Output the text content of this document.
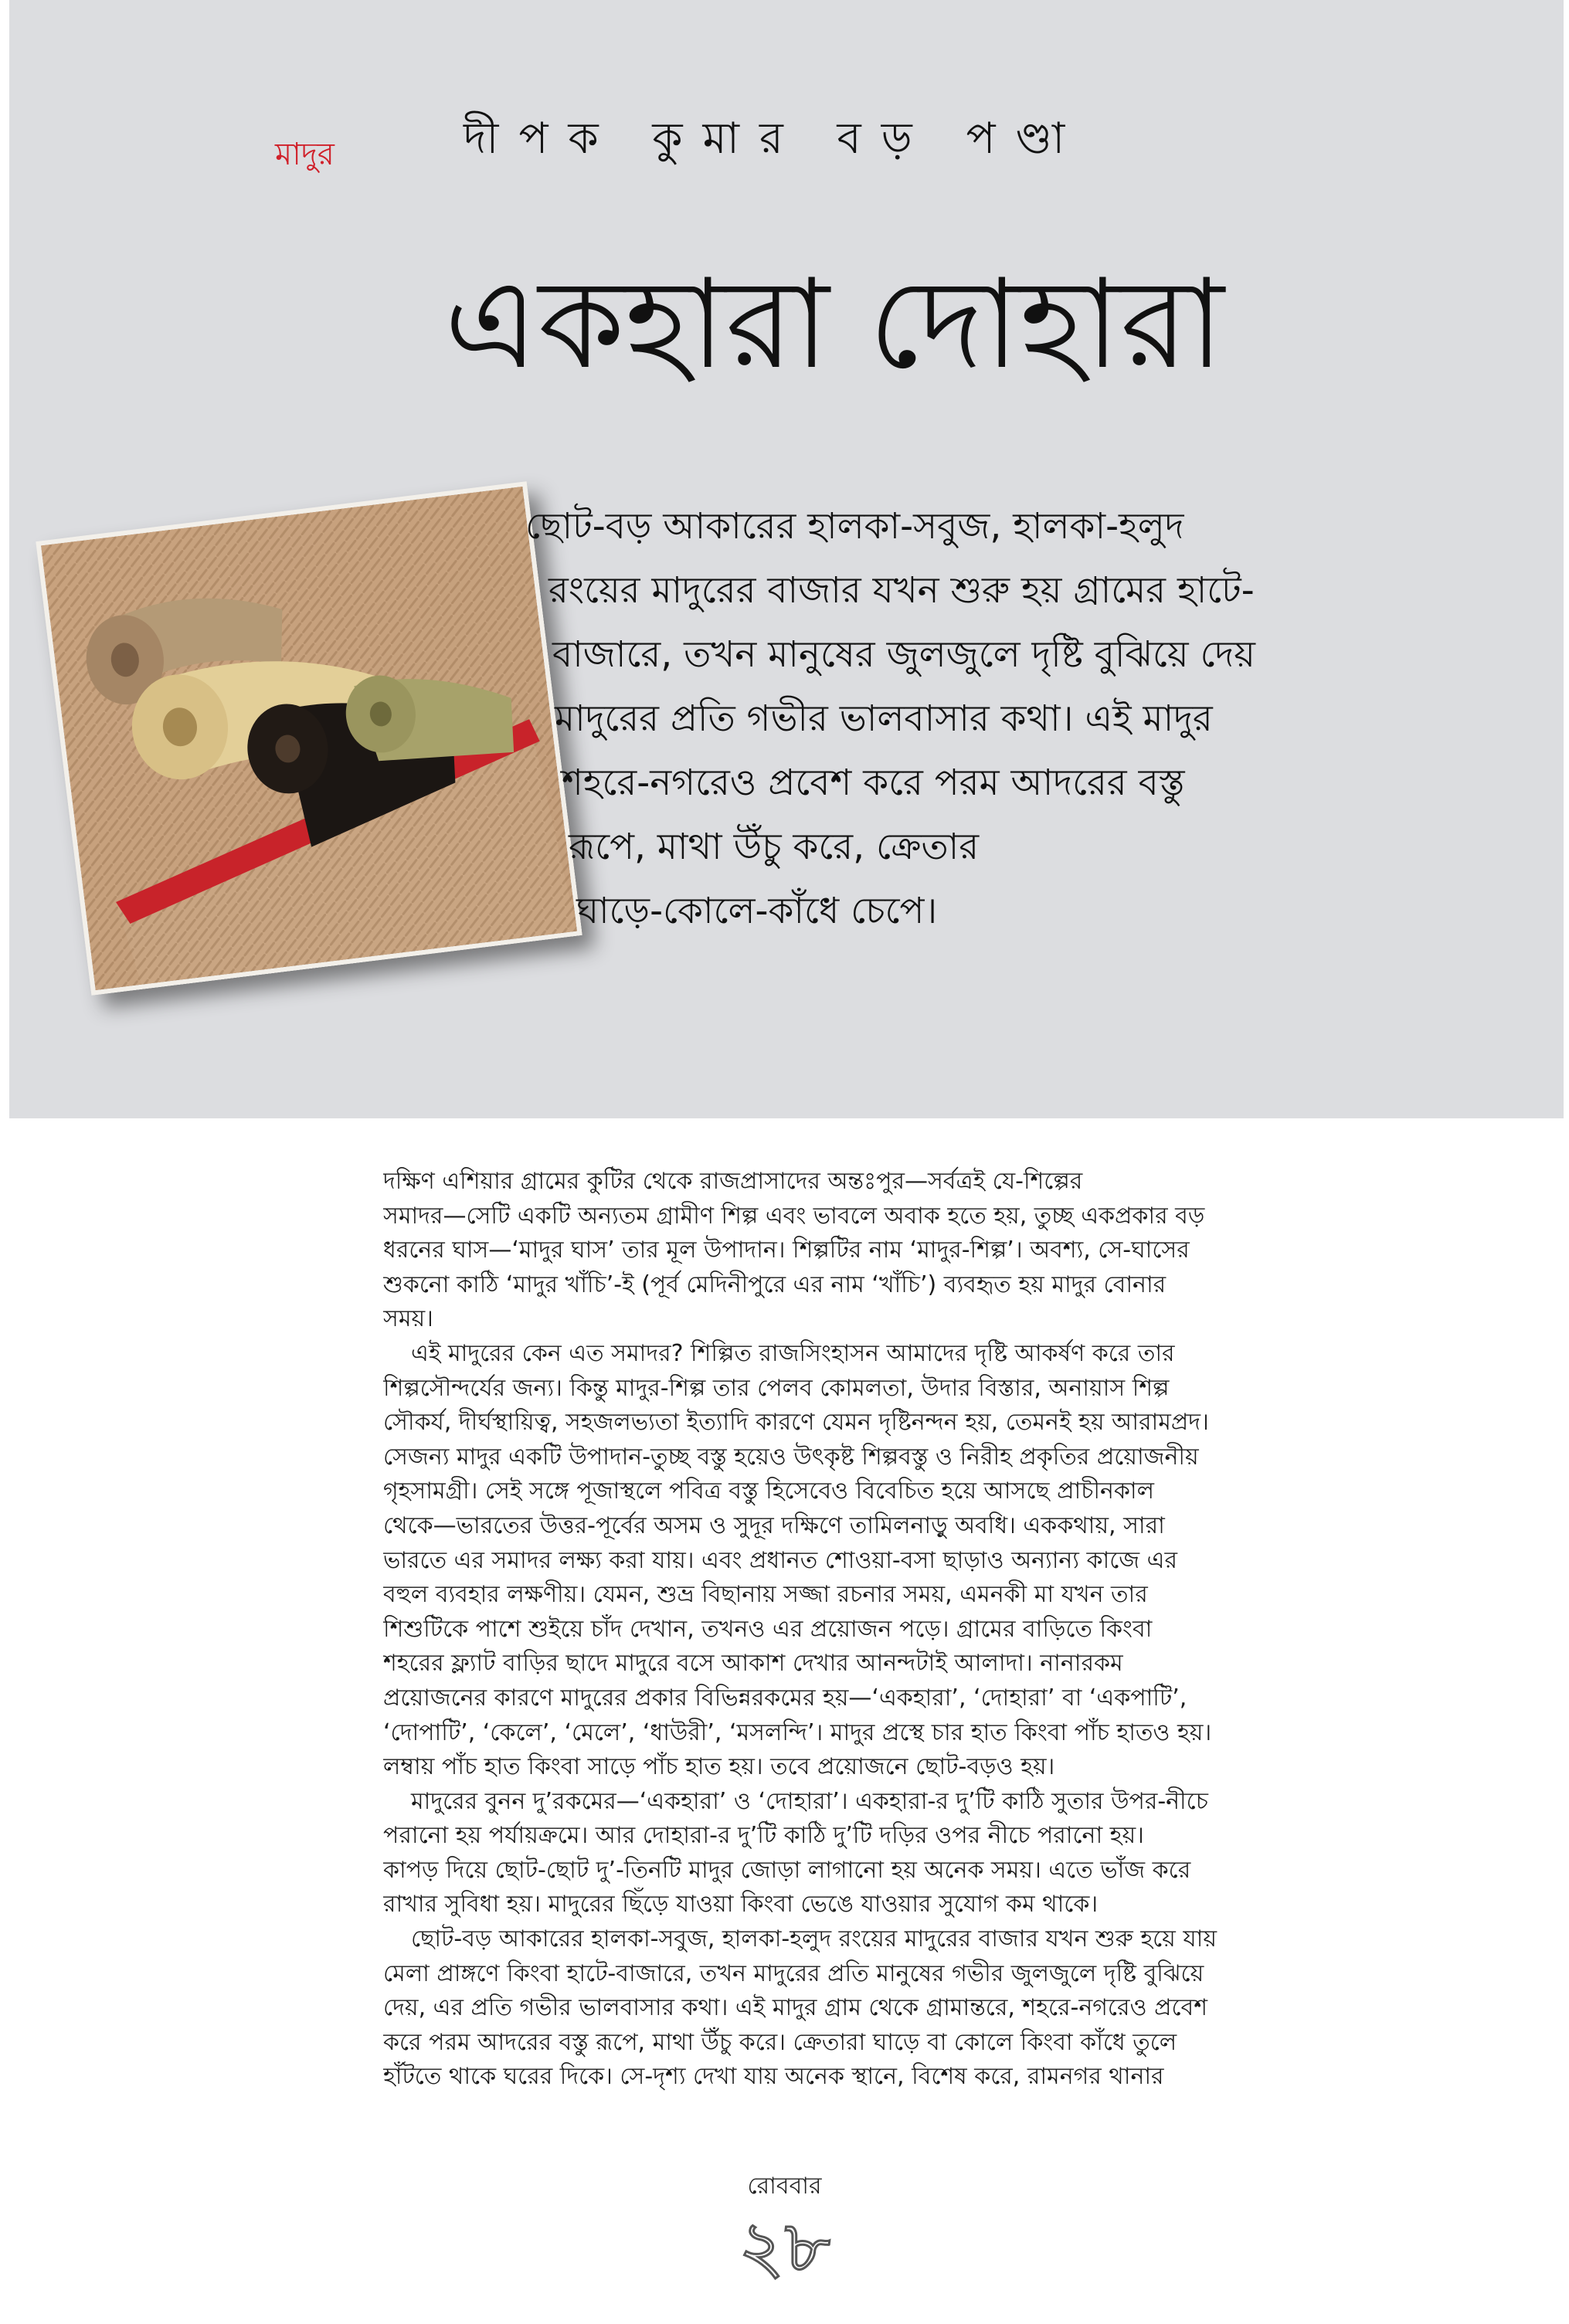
মাদুর	দীপক কুমার বড় পণ্ডা
একহারা দোহারা
ছোট-বড় আকারের হালকা-সবুজ, হালকা-হলুদ
রংয়ের মাদুরের বাজার যখন শুরু হয় গ্রামের হাটে-
বাজারে, তখন মানুষের জুলজুলে দৃষ্টি বুঝিয়ে দেয়
মাদুরের প্রতি গভীর ভালবাসার কথা। এই মাদুর
শহরে-নগরেও প্রবেশ করে পরম আদরের বস্তু
রূপে, মাথা উঁচু করে, ক্রেতার
ঘাড়ে-কোলে-কাঁধে চেপে।

দক্ষিণ এশিয়ার গ্রামের কুটির থেকে রাজপ্রাসাদের অন্তঃপুর—সর্বত্রই যে-শিল্পের
সমাদর—সেটি একটি অন্যতম গ্রামীণ শিল্প এবং ভাবলে অবাক হতে হয়, তুচ্ছ একপ্রকার বড়
ধরনের ঘাস—‘মাদুর ঘাস’ তার মূল উপাদান। শিল্পটির নাম ‘মাদুর-শিল্প’। অবশ্য, সে-ঘাসের
শুকনো কাঠি ‘মাদুর খাঁচি’-ই (পূর্ব মেদিনীপুরে এর নাম ‘খাঁচি’) ব্যবহৃত হয় মাদুর বোনার
সময়।

এই মাদুরের কেন এত সমাদর? শিল্পিত রাজসিংহাসন আমাদের দৃষ্টি আকর্ষণ করে তার
শিল্পসৌন্দর্যের জন্য। কিন্তু মাদুর-শিল্প তার পেলব কোমলতা, উদার বিস্তার, অনায়াস শিল্প
সৌকর্য, দীর্ঘস্থায়িত্ব, সহজলভ্যতা ইত্যাদি কারণে যেমন দৃষ্টিনন্দন হয়, তেমনই হয় আরামপ্রদ।
সেজন্য মাদুর একটি উপাদান-তুচ্ছ বস্তু হয়েও উৎকৃষ্ট শিল্পবস্তু ও নিরীহ প্রকৃতির প্রয়োজনীয়
গৃহসামগ্রী। সেই সঙ্গে পূজাস্থলে পবিত্র বস্তু হিসেবেও বিবেচিত হয়ে আসছে প্রাচীনকাল
থেকে—ভারতের উত্তর-পূর্বের অসম ও সুদূর দক্ষিণে তামিলনাড়ু অবধি। এককথায়, সারা
ভারতে এর সমাদর লক্ষ্য করা যায়। এবং প্রধানত শোওয়া-বসা ছাড়াও অন্যান্য কাজে এর
বহুল ব্যবহার লক্ষণীয়। যেমন, শুভ্র বিছানায় সজ্জা রচনার সময়, এমনকী মা যখন তার
শিশুটিকে পাশে শুইয়ে চাঁদ দেখান, তখনও এর প্রয়োজন পড়ে। গ্রামের বাড়িতে কিংবা
শহরের ফ্ল্যাট বাড়ির ছাদে মাদুরে বসে আকাশ দেখার আনন্দটাই আলাদা। নানারকম
প্রয়োজনের কারণে মাদুরের প্রকার বিভিন্নরকমের হয়—‘একহারা’, ‘দোহারা’ বা ‘একপাটি’,
‘দোপাটি’, ‘কেলে’, ‘মেলে’, ‘ধাউরী’, ‘মসলন্দি’। মাদুর প্রস্থে চার হাত কিংবা পাঁচ হাতও হয়।
লম্বায় পাঁচ হাত কিংবা সাড়ে পাঁচ হাত হয়। তবে প্রয়োজনে ছোট-বড়ও হয়।

মাদুরের বুনন দু’রকমের—‘একহারা’ ও ‘দোহারা’। একহারা-র দু’টি কাঠি সুতার উপর-নীচে
পরানো হয় পর্যায়ক্রমে। আর দোহারা-র দু’টি কাঠি দু’টি দড়ির ওপর নীচে পরানো হয়।
কাপড় দিয়ে ছোট-ছোট দু’-তিনটি মাদুর জোড়া লাগানো হয় অনেক সময়। এতে ভাঁজ করে
রাখার সুবিধা হয়। মাদুরের ছিঁড়ে যাওয়া কিংবা ভেঙে যাওয়ার সুযোগ কম থাকে।

ছোট-বড় আকারের হালকা-সবুজ, হালকা-হলুদ রংয়ের মাদুরের বাজার যখন শুরু হয়ে যায়
মেলা প্রাঙ্গণে কিংবা হাটে-বাজারে, তখন মাদুরের প্রতি মানুষের গভীর জুলজুলে দৃষ্টি বুঝিয়ে
দেয়, এর প্রতি গভীর ভালবাসার কথা। এই মাদুর গ্রাম থেকে গ্রামান্তরে, শহরে-নগরেও প্রবেশ
করে পরম আদরের বস্তু রূপে, মাথা উঁচু করে। ক্রেতারা ঘাড়ে বা কোলে কিংবা কাঁধে তুলে
হাঁটতে থাকে ঘরের দিকে। সে-দৃশ্য দেখা যায় অনেক স্থানে, বিশেষ করে, রামনগর থানার

রোববার
২৮
